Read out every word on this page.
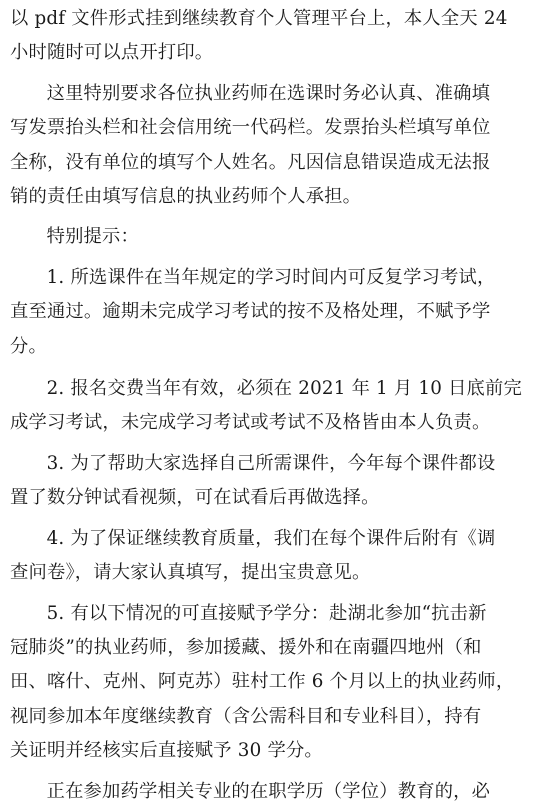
以 pdf 文件形式挂到继续教育个人管理平台上，本人全天 24
小时随时可以点开打印。

这里特别要求各位执业药师在选课时务必认真、准确填
写发票抬头栏和社会信用统一代码栏。发票抬头栏填写单位
全称，没有单位的填写个人姓名。凡因信息错误造成无法报
销的责任由填写信息的执业药师个人承担。

特别提示：

1. 所选课件在当年规定的学习时间内可反复学习考试，
直至通过。逾期未完成学习考试的按不及格处理，不赋予学
分。

2. 报名交费当年有效，必须在 2021 年 1 月 10 日底前完
成学习考试，未完成学习考试或考试不及格皆由本人负责。

3. 为了帮助大家选择自己所需课件，今年每个课件都设
置了数分钟试看视频，可在试看后再做选择。

4. 为了保证继续教育质量，我们在每个课件后附有《调
查问卷》，请大家认真填写，提出宝贵意见。

5. 有以下情况的可直接赋予学分：赴湖北参加“抗击新
冠肺炎”的执业药师，参加援藏、援外和在南疆四地州（和
田、喀什、克州、阿克苏）驻村工作 6 个月以上的执业药师，
视同参加本年度继续教育（含公需科目和专业科目），持有
关证明并经核实后直接赋予 30 学分。

正在参加药学相关专业的在职学历（学位）教育的，必
